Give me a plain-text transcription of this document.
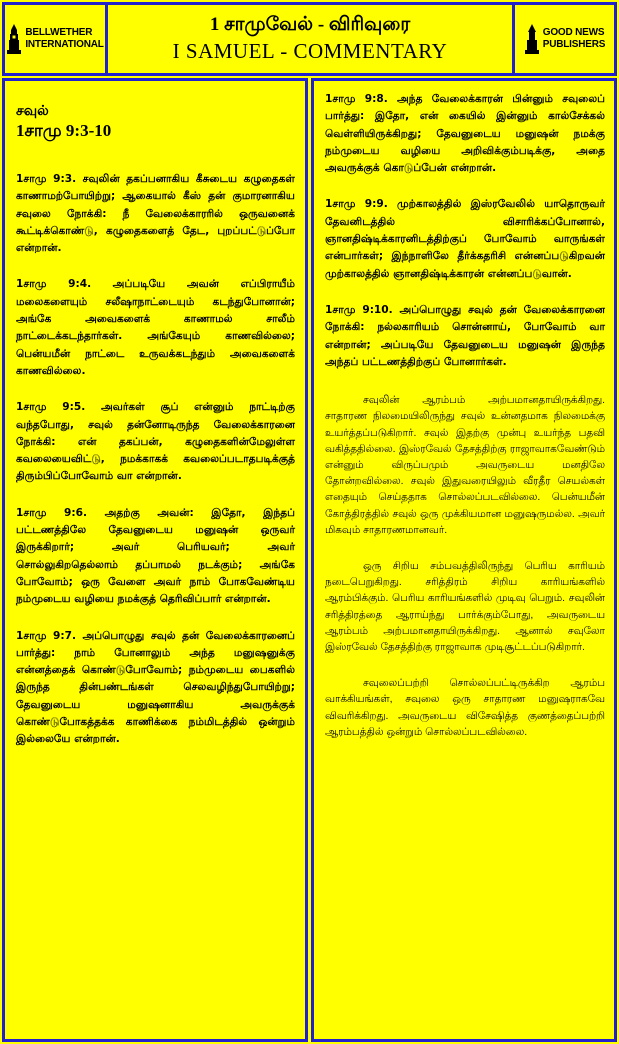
BELLWETHER
INTERNATIONAL
1 சாமுவேல் - விரிவுரை
I SAMUEL - COMMENTARY
GOOD NEWS
PUBLISHERS
சவுல்
1சாமு 9:3-10

1சாமு 9:3. சவுலின் தகப்பனாகிய கீசுடைய கழுதைகள் காணாமற்போயிற்று; ஆகையால் கீஸ் தன் குமாரனாகிய சவுலை நோக்கி: நீ வேலைக்காரரில் ஒருவனைக் கூட்டிக்கொண்டு, கழுதைகளைத் தேட, புறப்பட்டுப்போ என்றான்.

1சாமு 9:4. அப்படியே அவன் எப்பிராயீம் மலைகளையும் சலீஷாநாட்டையும் கடந்துபோனான்; அங்கே அவைகளைக் காணாமல் சாலீம் நாட்டைக்கடந்தார்கள். அங்கேயும் காணவில்லை; பென்யமீன் நாட்டை உருவக்கடந்தும் அவைகளைக் காணவில்லை.

1சாமு 9:5. அவர்கள் சூப் என்னும் நாட்டிற்கு வந்தபோது, சவுல் தன்னோடிருந்த வேலைக்காரனை நோக்கி: என் தகப்பன், கழுதைகளின்மேலுள்ள கவலையைவிட்டு, நமக்காகக் கவலைப்படாதபடிக்குத் திரும்பிப்போவோம் வா என்றான்.

1சாமு 9:6. அதற்கு அவன்: இதோ, இந்தப் பட்டணத்திலே தேவனுடைய மனுஷன் ஒருவர் இருக்கிறார்; அவர் பெரியவர்; அவர் சொல்லுகிறதெல்லாம் தப்பாமல் நடக்கும்; அங்கே போவோம்; ஒரு வேளை அவர் நாம் போகவேண்டிய நம்முடைய வழியை நமக்குத் தெரிவிப்பார் என்றான்.

1சாமு 9:7. அப்பொழுது சவுல் தன் வேலைக்காரனைப் பார்த்து: நாம் போனாலும் அந்த மனுஷனுக்கு என்னத்தைக் கொண்டுபோவோம்; நம்முடைய பைகளில் இருந்த தின்பண்டங்கள் செலவழிந்துபோயிற்று; தேவனுடைய மனுஷனாகிய அவருக்குக் கொண்டுபோகத்தக்க காணிக்கை நம்மிடத்தில் ஒன்றும் இல்லையே என்றான்.

1சாமு 9:8. அந்த வேலைக்காரன் பின்னும் சவுலைப் பார்த்து: இதோ, என் கையில் இன்னும் கால்சேக்கல் வெள்ளியிருக்கிறது; தேவனுடைய மனுஷன் நமக்கு நம்முடைய வழியை அறிவிக்கும்படிக்கு, அதை அவருக்குக் கொடுப்பேன் என்றான்.

1சாமு 9:9. முற்காலத்தில் இஸ்ரவேலில் யாதொருவர் தேவனிடத்தில் விசாரிக்கப்போனால், ஞானதிஷ்டிக்காரனிடத்திற்குப் போவோம் வாருங்கள் என்பார்கள்; இந்நாளிலே தீர்க்கதரிசி என்னப்படுகிறவன் முற்காலத்தில் ஞானதிஷ்டிக்காரன் என்னப்படுவான்.

1சாமு 9:10. அப்பொழுது சவுல் தன் வேலைக்காரனை நோக்கி: நல்லகாரியம் சொன்னாய், போவோம் வா என்றான்; அப்படியே தேவனுடைய மனுஷன் இருந்த அந்தப் பட்டணத்திற்குப் போனார்கள்.

சவுலின் ஆரம்பம் அற்பமானதாயிருக்கிறது. சாதாரண நிலமையிலிருந்து சவுல் உன்னதமாக நிலமைக்கு உயர்த்தப்படுகிறார். சவுல் இதற்கு முன்பு உயர்ந்த பதவி வகித்ததில்லை. இஸ்ரவேல் தேசத்திற்கு ராஜாவாகவேண்டும் என்னும் விருப்பமும் அவருடைய மனதிலே தோன்றவில்லை. சவுல் இதுவரையிலும் வீரதீர செயல்கள் எதையும் செய்ததாக சொல்லப்படவில்லை. பென்யமீன் கோத்திரத்தில் சவுல் ஒரு முக்கியமான மனுஷருமல்ல. அவர் மிகவும் சாதாரணமானவர்.

ஒரு சிறிய சம்பவத்திலிருந்து பெரிய காரியம் நடைபெறுகிறது. சரித்திரம் சிறிய காரியங்களில் ஆரம்பிக்கும். பெரிய காரியங்களில் முடிவு பெறும். சவுலின் சரித்திரத்தை ஆராய்ந்து பார்க்கும்போது, அவருடைய ஆரம்பம் அற்பமானதாயிருக்கிறது. ஆனால் சவுலோ இஸ்ரவேல் தேசத்திற்கு ராஜாவாக முடிசூட்டப்படுகிறார்.

சவுலைப்பற்றி சொல்லப்பட்டிருக்கிற ஆரம்ப வாக்கியங்கள், சவுலை ஒரு சாதாரண மனுஷராகவே விவரிக்கிறது. அவருடைய விசேஷித்த குணத்தைப்பற்றி ஆரம்பத்தில் ஒன்றும் சொல்லப்படவில்லை.
